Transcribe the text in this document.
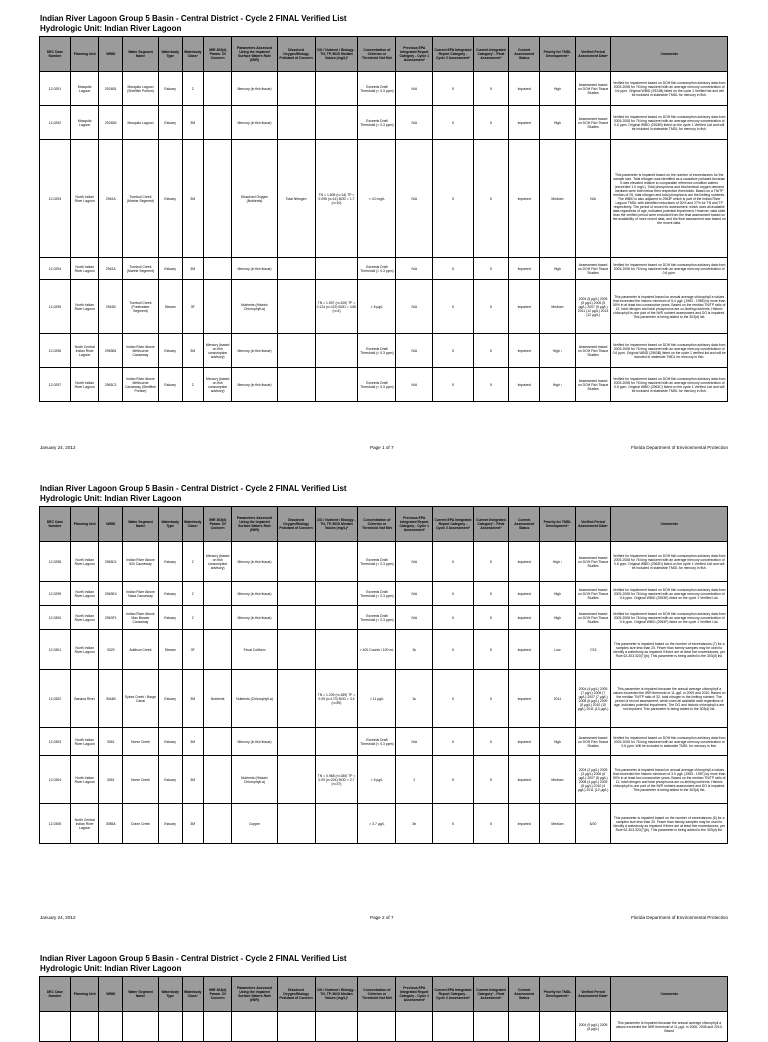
Indian River Lagoon Group 5 Basin - Central District - Cycle 2 FINAL Verified List
Hydrologic Unit: Indian River Lagoon
DEC Case Number	Planning Unit	WBID	Water Segment Name	Waterbody Type	Waterbody Class¹	IWR 303(d) Param. Of Concern	Parameters Assessed Using the Impaired Surface Waters Rule (IWR)	Dissolved Oxygen/Biology Pollutant of Concern	DO / Nutrient / Biology - TN, TP, BOD Median Values (mg/L)²	Concentration of Criterion or Threshold Not Met	Previous EPA Integrated Report Category - Cycle 1 Assessment³	Current EPA Integrated Report Category - Cycle 2 Assessment³	Current Integrated Category³ - Final Assessment³	Current Assessment Status	Priority for TMDL Development⁴	Verified Period Assessment Data⁵	Comments
12-0291	Mosquito Lagoon	2924B1	Mosquito Lagoon (Shellfish Portion)	Estuary	2		Mercury (in fish tissue)			Exceeds Draft Threshold (< 0.3 ppm)	N/A	5	5	Impaired	High	Assessment based on DOH Fish Tissue Studies	Verified for impairment based on DOH fish consumption advisory data from 2005-2008 for 76 king mackerel with an average mercury concentration of 0.6 ppm. Original WBID (2924B) listed on the cycle 1 Verified list and will be included in statewide TMDL for mercury in fish.
12-0292	Mosquito Lagoon	2924B2	Mosquito Lagoon	Estuary	3M		Mercury (in fish tissue)			Exceeds Draft Threshold (< 0.3 ppm)	N/A	5	5	Impaired	High	Assessment based on DOH Fish Tissue Studies	Verified for impairment based on DOH fish consumption advisory data from 2005-2008 for 76 king mackerel with an average mercury concentration of 0.6 ppm. Original WBID (2924B) listed on the cycle 1 Verified List and will be included in statewide TMDL for mercury in fish.
12-0293	North Indian River Lagoon	2942A	Turnbull Creek (Marine Segment)	Estuary	3M		Dissolved Oxygen (Nutrients)	Total Nitrogen	TN = 1.605 (n=14) TP = 0.096 (n=14) BOD = 1.7 (n=10)	< 4.0 mg/L	N/A	5	5	Impaired	Medium	N/A	This parameter is impaired based on the number of exceedances for the sample size. Total nitrogen was identified as a causative pollutant because it was elevated relative to comparable reference condition waters (exceeded 1.0 mg/L). Total phosphorus and biochemical oxygen demand medians were both below their respective thresholds. Based on a TN/TP median of 25, total nitrogen and total phosphorus are the limiting nutrients. The WBID is also adjacent to 2963F which is part of the Indian River Lagoon TMDL with identified reductions of 30% and 27% for TN and TP respectively. The period of record for assessment, which uses all available data regardless of age, indicated potential impairment. However, data older than the verified period were excluded from the final assessment based on the availability of more recent data, and the final assessment was based on the recent data.
12-0294	North Indian River Lagoon	2942A	Turnbull Creek (Marine Segment)	Estuary	3M		Mercury (in fish tissue)			Exceeds Draft Threshold (< 0.3 ppm)	N/A	5	5	Impaired	High	Assessment based on DOH Fish Tissue Studies	Verified for impairment based on DOH fish consumption advisory data from 2005-2008 for 76 king mackerel with an average mercury concentration of 0.6 ppm.
12-0295	North Indian River Lagoon	2942B	Turnbull Creek (Freshwater Segment)	Stream	3F		Nutrients (Historic Chlorophyll-a)		TN = 1.507 (n=100) TP = 0.124 (n=119) BOD = 4.80 (n=4)	< 8 µg/L	N/A	5	5	Impaired	Medium	2004 (5 µg/L) 2005 (5 µg/L) 2006 (5 µg/L) 2007 (5 µg/L) 2011 (12 µg/L) 2013 (12 µg/L)	This parameter is impaired based on annual average chlorophyll a values that exceeded the historic minimum of 5.4 µg/L (1983 - 1985) by more than 50% in at least two consecutive years. Based on the median TN/TP ratio of 12, total nitrogen and total phosphorus are co-limiting nutrients. Historic chlorophyll is one part of the IWR nutrient assessment and DO is impaired. This parameter is being added to the 303(d) list.
12-0296	North Central Indian River Lagoon	2963B1	Indian River Above Melbourne Causeway	Estuary	3M	Mercury (based on fish consumption advisory)	Mercury (in fish tissue)			Exceeds Draft Threshold (< 0.3 ppm)	N/A	5	5	Impaired	High ¹	Assessment based on DOH Fish Tissue Studies	Verified for impairment based on DOH fish consumption advisory data from 2005-2008 for 76 king mackerel with an average mercury concentration of 0.6 ppm. Original WBID (2963B) listed on the cycle 1 verified list and will be included in statewide TMDL for mercury in fish.
12-0297	North Indian River Lagoon	2963C1	Indian River Above Melbourne Causeway (Shellfish Portion)	Estuary	2	Mercury (based on fish consumption advisory)	Mercury (in fish tissue)			Exceeds Draft Threshold (< 0.3 ppm)	N/A	5	5	Impaired	High ¹	Assessment based on DOH Fish Tissue Studies	Verified for impairment based on DOH fish consumption advisory data from 2005-2008 for 76 king mackerel with an average mercury concentration of 0.6 ppm. Original WBID (2963C) listed on the cycle 1 Verified List and will be included in statewide TMDL for mercury in fish.
January 24, 2012	Page 1 of 7	Florida Department of Environmental Protection
Indian River Lagoon Group 5 Basin - Central District - Cycle 2 FINAL Verified List
Hydrologic Unit: Indian River Lagoon
DEC Case Number	Planning Unit	WBID	Water Segment Name	Waterbody Type	Waterbody Class¹	IWR 303(d) Param. Of Concern	Parameters Assessed Using the Impaired Surface Waters Rule (IWR)	Dissolved Oxygen/Biology Pollutant of Concern	DO / Nutrient / Biology - TN, TP, BOD Median Values (mg/L)²	Concentration of Criterion or Threshold Not Met	Previous EPA Integrated Report Category - Cycle 1 Assessment³	Current EPA Integrated Report Category - Cycle 2 Assessment³	Current Integrated Category³ - Final Assessment³	Current Assessment Status	Priority for TMDL Development⁴	Verified Period Assessment Data⁵	Comments
12-0298	North Indian River Lagoon	2963D1	Indian River Above 520 Causeway	Estuary	2	Mercury (based on fish consumption advisory)	Mercury (in fish tissue)			Exceeds Draft Threshold (< 0.3 ppm)	N/A	5	5	Impaired	High ¹	Assessment based on DOH Fish Tissue Studies	Verified for impairment based on DOH fish consumption advisory data from 2005-2008 for 76 king mackerel with an average mercury concentration of 0.6 ppm. Original WBID (2963D) listed on the cycle 1 Verified List and will be included in statewide TMDL for mercury in fish.
12-0299	North Indian River Lagoon	2963E4	Indian River Above Nasa Causeway	Estuary	2		Mercury (in fish tissue)			Exceeds Draft Threshold (< 0.3 ppm)	N/A	5	5	Impaired	High	Assessment based on DOH Fish Tissue Studies	Verified for impairment based on DOH fish consumption advisory data from 2005-2008 for 76 king mackerel with an average mercury concentration of 0.6 ppm. Original WBID (2963E) listed on the cycle 1 Verified List.
12-0300	North Indian River Lagoon	2963F1	Indian River Above Max Brewer Causeway	Estuary	2		Mercury (in fish tissue)			Exceeds Draft Threshold (< 0.3 ppm)	N/A	5	5	Impaired	High	Assessment based on DOH Fish Tissue Studies	Verified for impairment based on DOH fish consumption advisory data from 2005-2008 for 76 king mackerel with an average mercury concentration of 0.6 ppm. Original WBID (2963F) listed on the cycle 1 Verified List.
12-0301	North Indian River Lagoon	3029	Addison Creek	Stream	3F		Fecal Coliform			> 400 Counts / 100 mL	3c	5	5	Impaired	Low	7/13	This parameter is impaired based on the number of exceedances (7) for a samples size less than 20. Fewer than twenty samples may be used to identify a waterbody as impaired if there are at least five exceedances, per Rule 62-303.320(7)(b). This parameter is being added to the 303(d) list.
12-0302	Banana River	3044B	Sykes Creek / Barge Canal	Estuary	3M	Nutrients	Nutrients (Chlorophyll-a)		TN = 1.209 (n=189) TP = 0.05 (n=173) BOD = 3.4 (n=59)	> 11 µg/L	3c	5	5	Impaired	2011	2004 (4 µg/L) 2005 (7 µg/L) 2006 (7 µg/L) 2007 (7 µg/L) 2008 (6 µg/L) 2009 (8 µg/L) 2010 (10 µg/L) 2011 (13 µg/L)	This parameter is impaired because the annual average chlorophyll a values exceeded the IWR threshold of 11 µg/L in 2009 and 2010. Based on the median TN/TP ratio of 32, total nitrogen is the limiting nutrient. The period of record assessment, which uses all available data regardless of age, indicates potential impairment. The DO and historic chlorophyll a are not impaired. This parameter is being added to the 303(d) list.
12-0303	North Indian River Lagoon	3061	Horse Creek	Estuary	3M		Mercury (in fish tissue)			Exceeds Draft Threshold (< 0.3 ppm)	N/A	5	5	Impaired	High	Assessment based on DOH Fish Tissue Studies	Verified for impairment based on DOH fish consumption advisory data from 2005-2008 for 76 king mackerel with an average mercury concentration of 0.6 ppm. Will be included in statewide TMDL for mercury in fish.
12-0304	North Indian River Lagoon	3061	Horse Creek	Estuary	3M		Nutrients (Historic Chlorophyll-a)		TN = 0.968 (n=180) TP = 0.09 (n=204) BOD = 2.7 (n=37)	> 5 µg/L	2	5	5	Impaired	Medium	2004 (2 µg/L) 2005 (3 µg/L) 2006 (6 µg/L) 2007 (8 µg/L) 2008 (4 µg/L) 2009 (8 µg/L) 2010 (4 µg/L) 2011 (12 µg/L)	This parameter is impaired based on annual average chlorophyll a values that exceeded the historic minimum of 3.0 µg/L (1983 - 1987) by more than 50% in at least two consecutive years. Based on the median TN/TP ratio of 11, total nitrogen and total phosphorus are co-limiting nutrients. Historic chlorophyll is one part of the IWR nutrient assessment and DO is impaired. This parameter is being added to the 303(d) list.
12-0305	North Central Indian River Lagoon	3085A	Crane Creek	Estuary	3M		Copper			> 3.7 µg/L	3b	5	5	Impaired	Medium	6/20	This parameter is impaired based on the number of exceedances (6) for a samples size less than 20. Fewer than twenty samples may be used to identify a waterbody as impaired if there are at least five exceedances, per Rule 62-303.320(7)(b). This parameter is being added to the 303(d) list.
January 24, 2012	Page 2 of 7	Florida Department of Environmental Protection
Indian River Lagoon Group 5 Basin - Central District - Cycle 2 FINAL Verified List
Hydrologic Unit: Indian River Lagoon
DEC Case Number	Planning Unit	WBID	Water Segment Name	Waterbody Type	Waterbody Class¹	IWR 303(d) Param. Of Concern	Parameters Assessed Using the Impaired Surface Waters Rule (IWR)	Dissolved Oxygen/Biology Pollutant of Concern	DO / Nutrient / Biology - TN, TP, BOD Median Values (mg/L)²	Concentration of Criterion or Threshold Not Met	Previous EPA Integrated Report Category - Cycle 1 Assessment³	Current EPA Integrated Report Category - Cycle 2 Assessment³	Current Integrated Category³ - Final Assessment³	Current Assessment Status	Priority for TMDL Development⁴	Verified Period Assessment Data⁵	Comments
																2004 (9 µg/L) 2005 (8 µg/L)	This parameter is impaired because the annual average chlorophyll a values exceeded the IWR threshold of 11 µg/L in 2006, 2008 and 2010. Based
